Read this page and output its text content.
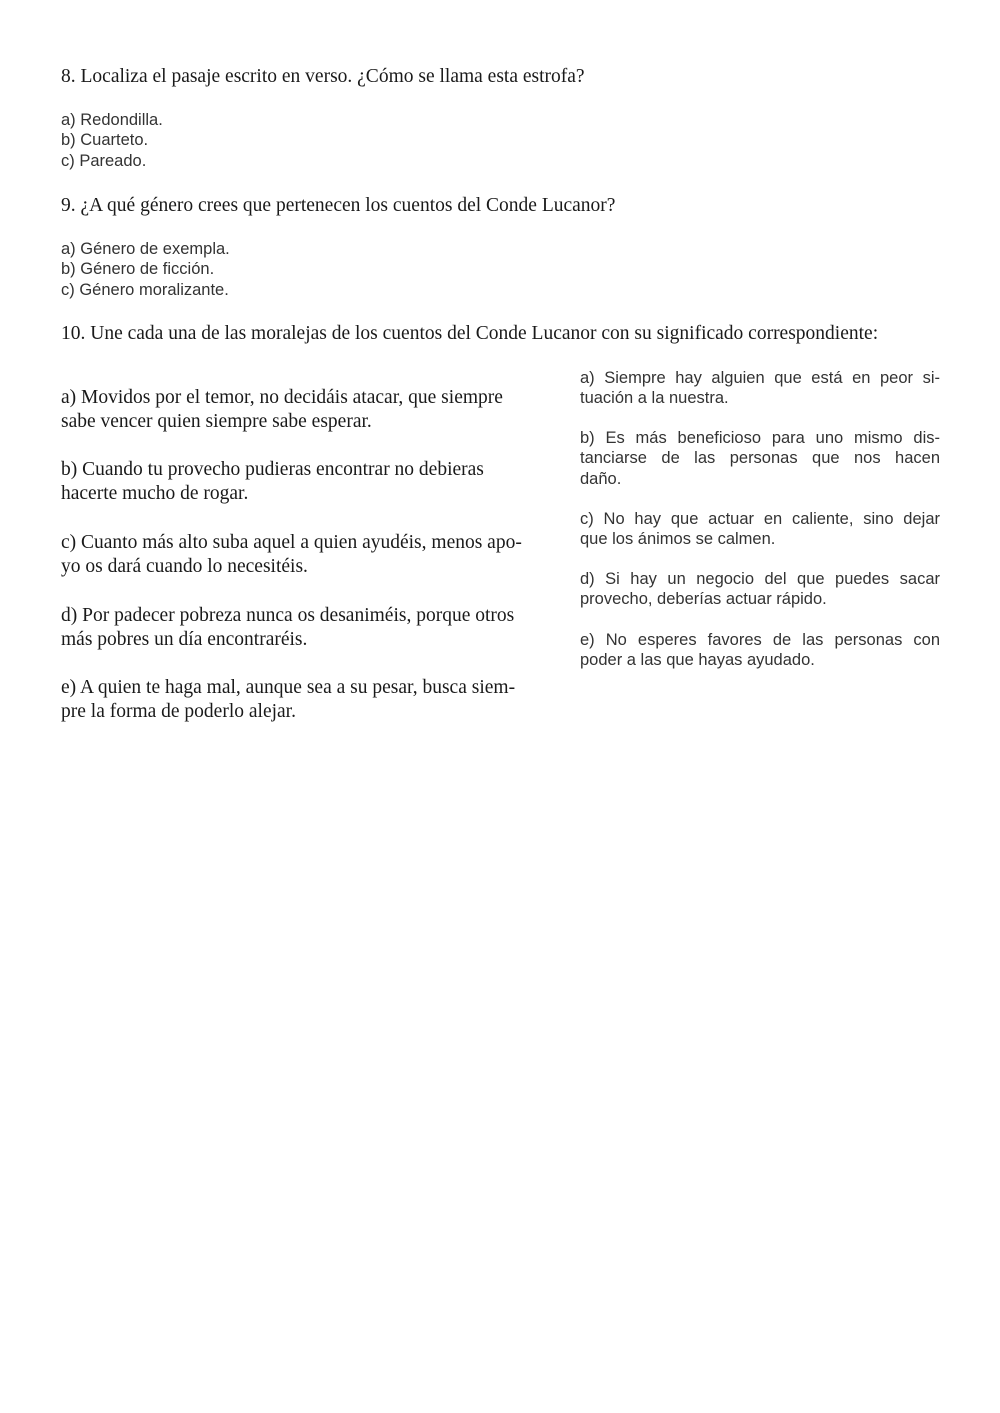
8. Localiza el pasaje escrito en verso. ¿Cómo se llama esta estrofa?
a) Redondilla.
b) Cuarteto.
c) Pareado.
9. ¿A qué género crees que pertenecen los cuentos del Conde Lucanor?
a) Género de exempla.
b) Género de ficción.
c) Género moralizante.
10. Une cada una de las moralejas de los cuentos del Conde Lucanor con su significado correspondiente:
a) Movidos por el temor, no decidáis atacar, que siempre
sabe vencer quien siempre sabe esperar.
b) Cuando tu provecho pudieras encontrar no debieras
hacerte mucho de rogar.
c) Cuanto más alto suba aquel a quien ayudéis, menos apo-
yo os dará cuando lo necesitéis.
d) Por padecer pobreza nunca os desaniméis, porque otros
más pobres un día encontraréis.
e) A quien te haga mal, aunque sea a su pesar, busca siem-
pre la forma de poderlo alejar.
a) Siempre hay alguien que está en peor si-
tuación a la nuestra.
b) Es más beneficioso para uno mismo dis-
tanciarse de las personas que nos hacen
daño.
c) No hay que actuar en caliente, sino dejar
que los ánimos se calmen.
d) Si hay un negocio del que puedes sacar
provecho, deberías actuar rápido.
e) No esperes favores de las personas con
poder a las que hayas ayudado.
